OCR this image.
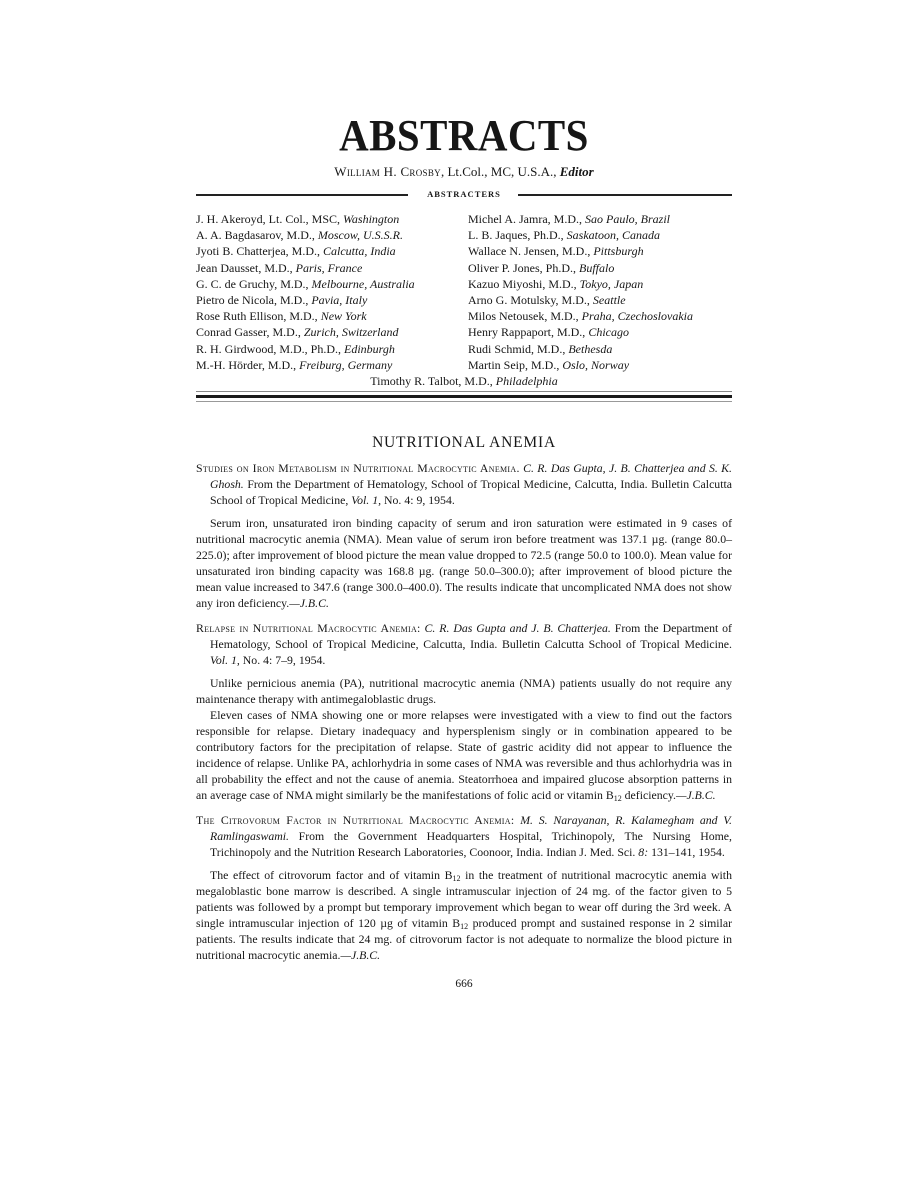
ABSTRACTS
William H. Crosby, Lt.Col., MC, U.S.A., Editor
ABSTRACTERS
J. H. Akeroyd, Lt. Col., MSC, Washington
A. A. Bagdasarov, M.D., Moscow, U.S.S.R.
Jyoti B. Chatterjea, M.D., Calcutta, India
Jean Dausset, M.D., Paris, France
G. C. de Gruchy, M.D., Melbourne, Australia
Pietro de Nicola, M.D., Pavia, Italy
Rose Ruth Ellison, M.D., New York
Conrad Gasser, M.D., Zurich, Switzerland
R. H. Girdwood, M.D., Ph.D., Edinburgh
M.-H. Hörder, M.D., Freiburg, Germany
Michel A. Jamra, M.D., Sao Paulo, Brazil
L. B. Jaques, Ph.D., Saskatoon, Canada
Wallace N. Jensen, M.D., Pittsburgh
Oliver P. Jones, Ph.D., Buffalo
Kazuo Miyoshi, M.D., Tokyo, Japan
Arno G. Motulsky, M.D., Seattle
Milos Netousek, M.D., Praha, Czechoslovakia
Henry Rappaport, M.D., Chicago
Rudi Schmid, M.D., Bethesda
Martin Seip, M.D., Oslo, Norway
Timothy R. Talbot, M.D., Philadelphia
NUTRITIONAL ANEMIA

Studies on Iron Metabolism in Nutritional Macrocytic Anemia. C. R. Das Gupta, J. B. Chatterjea and S. K. Ghosh. From the Department of Hematology, School of Tropical Medicine, Calcutta, India. Bulletin Calcutta School of Tropical Medicine, Vol. 1, No. 4: 9, 1954.

Serum iron, unsaturated iron binding capacity of serum and iron saturation were estimated in 9 cases of nutritional macrocytic anemia (NMA). Mean value of serum iron before treatment was 137.1 µg. (range 80.0–225.0); after improvement of blood picture the mean value dropped to 72.5 (range 50.0 to 100.0). Mean value for unsaturated iron binding capacity was 168.8 µg. (range 50.0–300.0); after improvement of blood picture the mean value increased to 347.6 (range 300.0–400.0). The results indicate that uncomplicated NMA does not show any iron deficiency.—J.B.C.

Relapse in Nutritional Macrocytic Anemia: C. R. Das Gupta and J. B. Chatterjea. From the Department of Hematology, School of Tropical Medicine, Calcutta, India. Bulletin Calcutta School of Tropical Medicine. Vol. 1, No. 4: 7–9, 1954.

Unlike pernicious anemia (PA), nutritional macrocytic anemia (NMA) patients usually do not require any maintenance therapy with antimegaloblastic drugs.

Eleven cases of NMA showing one or more relapses were investigated with a view to find out the factors responsible for relapse. Dietary inadequacy and hypersplenism singly or in combination appeared to be contributory factors for the precipitation of relapse. State of gastric acidity did not appear to influence the incidence of relapse. Unlike PA, achlorhydria in some cases of NMA was reversible and thus achlorhydria was in all probability the effect and not the cause of anemia. Steatorrhoea and impaired glucose absorption patterns in an average case of NMA might similarly be the manifestations of folic acid or vitamin $B_{12}$ deficiency.—J.B.C.

The Citrovorum Factor in Nutritional Macrocytic Anemia: M. S. Narayanan, R. Kalamegham and V. Ramlingaswami. From the Government Headquarters Hospital, Trichinopoly, The Nursing Home, Trichinopoly and the Nutrition Research Laboratories, Coonoor, India. Indian J. Med. Sci. 8: 131–141, 1954.

The effect of citrovorum factor and of vitamin $B_{12}$ in the treatment of nutritional macrocytic anemia with megaloblastic bone marrow is described. A single intramuscular injection of 24 mg. of the factor given to 5 patients was followed by a prompt but temporary improvement which began to wear off during the 3rd week. A single intramuscular injection of 120 µg of vitamin $B_{12}$ produced prompt and sustained response in 2 similar patients. The results indicate that 24 mg. of citrovorum factor is not adequate to normalize the blood picture in nutritional macrocytic anemia.—J.B.C.

666
